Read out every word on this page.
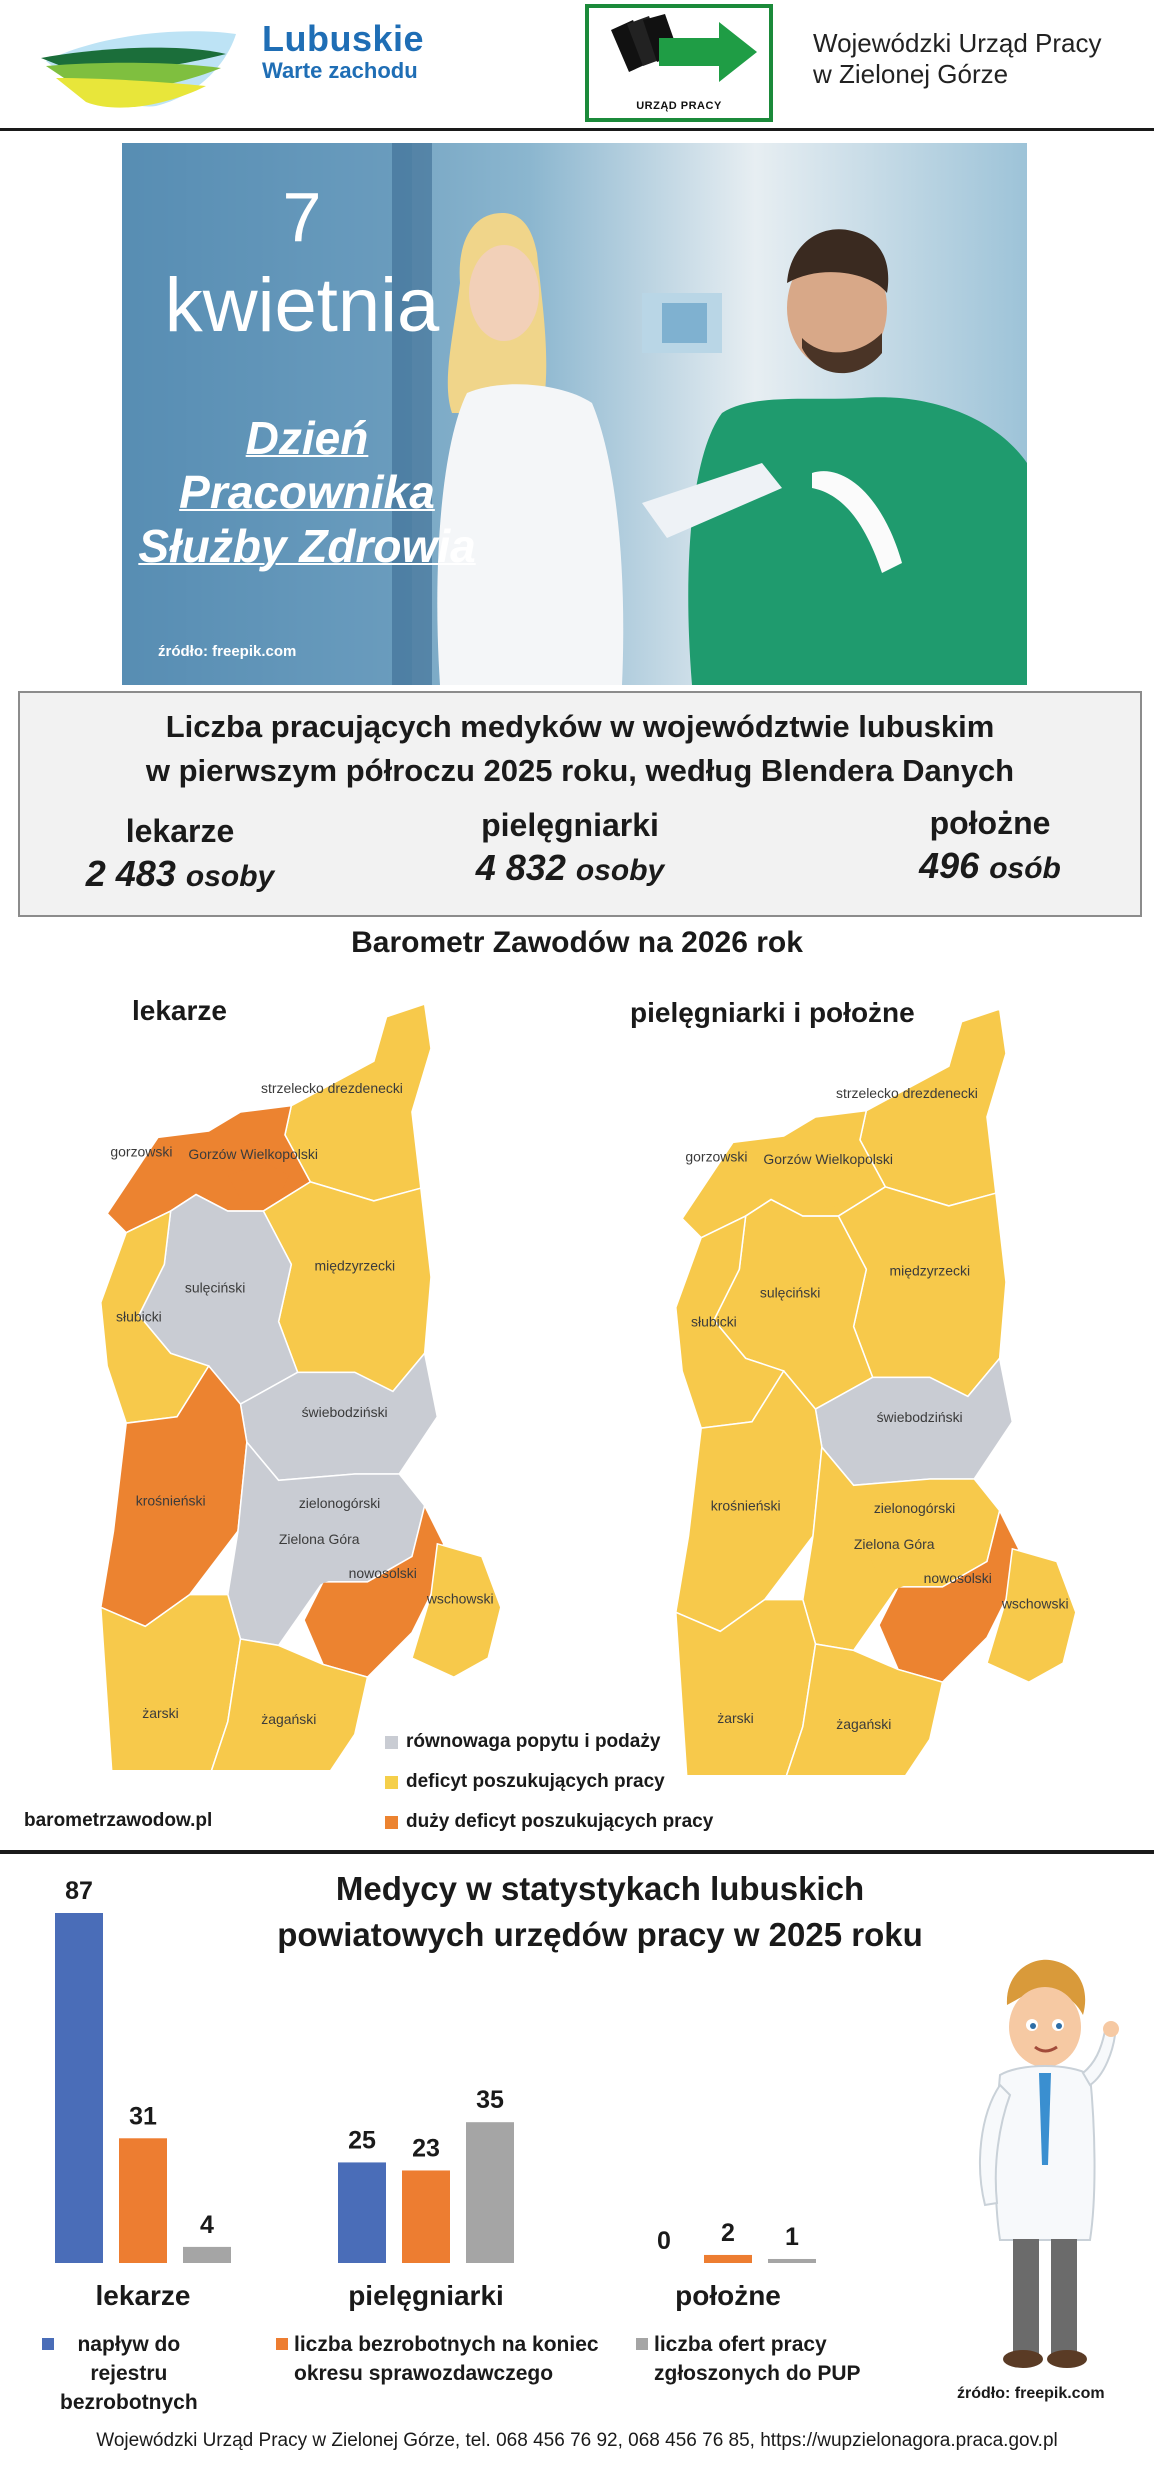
Lubuskie
Warte zachodu
URZĄD PRACY
Wojewódzki Urząd Pracy
w Zielonej Górze
7
kwietnia
Dzień
Pracownika
Służby Zdrowia
źródło: freepik.com
Liczba pracujących medyków w województwie lubuskim
w pierwszym półroczu 2025 roku, według Blendera Danych
lekarze
2 483 osoby
pielęgniarki
4 832 osoby
położne
496 osób
Barometr Zawodów na 2026 rok
lekarze	pielęgniarki i położne
strzelecko drezdenecki
gorzowski Gorzów Wielkopolski
międzyrzecki
sulęciński
słubicki
świebodziński
krośnieński	zielonogórski
Zielona Góra
nowosolski
wschowski
żarski	żagański
strzelecko drezdenecki
gorzowski Gorzów Wielkopolski
międzyrzecki
sulęciński
słubicki
świebodziński
krośnieński	zielonogórski
Zielona Góra
nowosolski
wschowski
żarski	żagański
równowaga popytu i podaży
deficyt poszukujących pracy
duży deficyt poszukujących pracy
barometrzawodow.pl
Medycy w statystykach lubuskich
powiatowych urzędów pracy w 2025 roku
87
31
4
lekarze
25 23
35
pielęgniarki
0 2 1
położne
napływ do
rejestru
bezrobotnych
liczba bezrobotnych na koniec
okresu sprawozdawczego
liczba ofert pracy
zgłoszonych do PUP
źródło: freepik.com
Wojewódzki Urząd Pracy w Zielonej Górze, tel. 068 456 76 92, 068 456 76 85, https://wupzielonagora.praca.gov.pl
